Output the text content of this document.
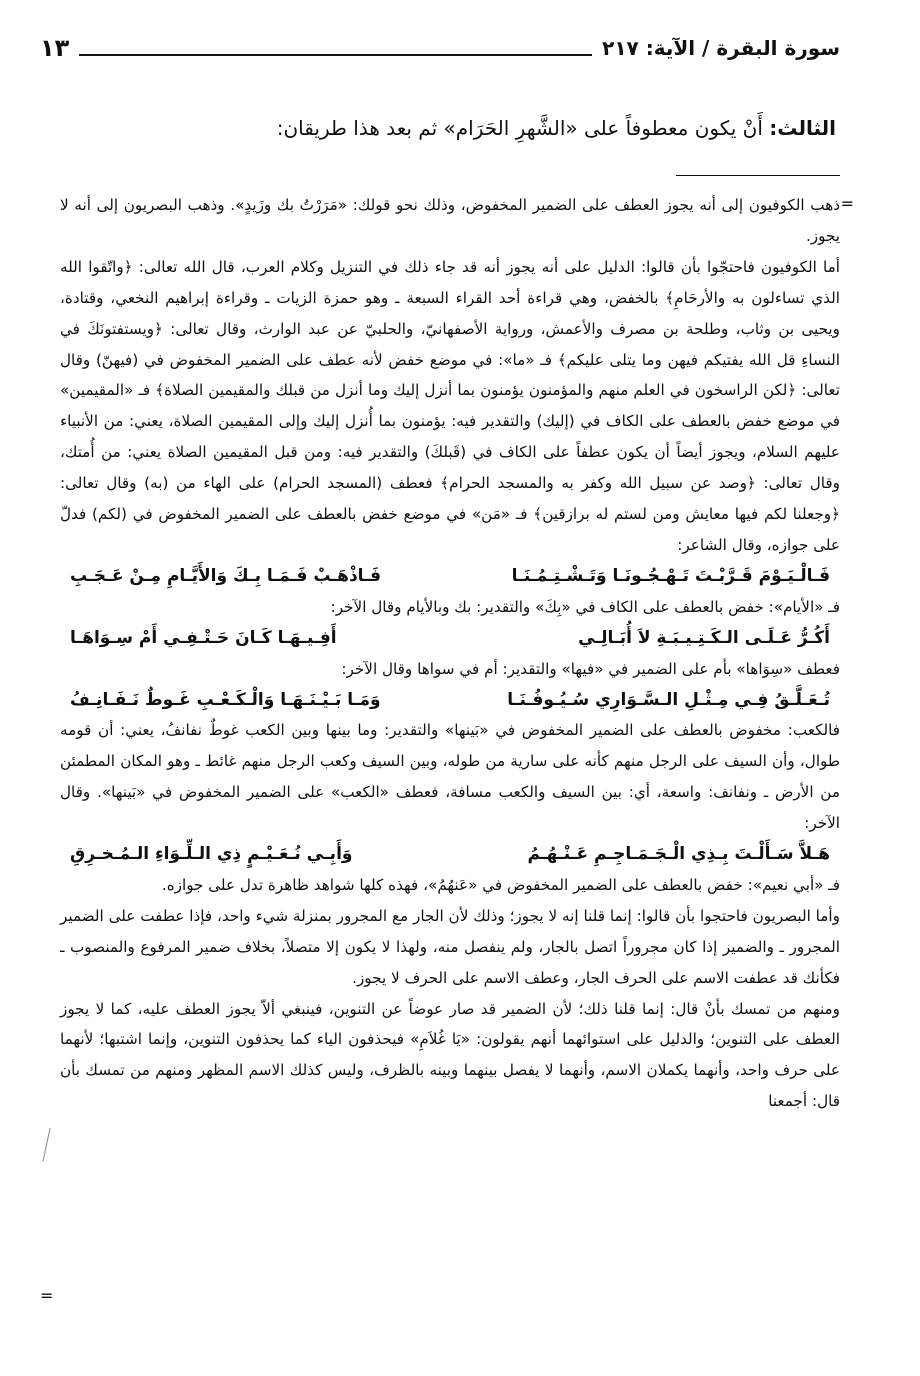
سورة البقرة / الآية: ٢١٧
١٣
الثالث: أَنْ يكون معطوفاً على «الشَّهرِ الحَرَام» ثم بعد هذا طريقان:
=
=

ذهب الكوفيون إلى أنه يجوز العطف على الضمير المخفوض، وذلك نحو قولك: «مَرَرْتُ بك وزَيدٍ». وذهب البصريون إلى أنه لا يجوز.

أما الكوفيون فاحتجّوا بأن قالوا: الدليل على أنه يجوز أنه قد جاء ذلك في التنزيل وكلام العرب، قال الله تعالى: ﴿واتّقوا الله الذي تساءلون به والأرحَامِ﴾ بالخفض، وهي قراءة أحد القراء السبعة ـ وهو حمزة الزيات ـ وقراءة إبراهيم النخعي، وقتادة، ويحيى بن وثاب، وطلحة بن مصرف والأعمش، ورواية الأصفهانيّ، والحلبيّ عن عبد الوارث، وقال تعالى: ﴿ويستفتونَكَ في النساءِ قل الله يفتيكم فيهن وما يتلى عليكم﴾ فـ «ما»: في موضع خفض لأنه عطف على الضمير المخفوض في (فيهنّ) وقال تعالى: ﴿لكن الراسخون في العلم منهم والمؤمنون يؤمنون بما أنزل إليك وما أنزل من قبلك والمقيمين الصلاة﴾ فـ «المقيمين» في موضع خفض بالعطف على الكاف في (إليك) والتقدير فيه: يؤمنون بما أُنزل إليك وإلى المقيمين الصلاة، يعني: من الأنبياء عليهم السلام، ويجوز أيضاً أن يكون عطفاً على الكاف في (قَبلكَ) والتقدير فيه: ومن قبل المقيمين الصلاة يعني: من أُمتك، وقال تعالى: ﴿وصد عن سبيل الله وكفر به والمسجد الحرام﴾ فعطف (المسجد الحرام) على الهاء من (به) وقال تعالى: ﴿وجعلنا لكم فيها معايش ومن لستم له برازقين﴾ فـ «مَن» في موضع خفض بالعطف على الضمير المخفوض في (لكم) فدلّ على جوازه، وقال الشاعر:

فَـالْـيَـوْمَ قَـرَّبْـتَ تَـهْـجُـونَـا وَتَـشْـتِـمُـنَـا
فَـاذْهَـبْ فَـمَـا بِـكَ وَالأَيَّـامِ مِـنْ عَـجَـبِ

فـ «الأيام»: خفض بالعطف على الكاف في «بِكَ» والتقدير: بك وبالأيام وقال الآخر:

أَكُـرُّ عَـلَـى الـكَـتِـيـبَـةِ لاَ أُبَـالِـي
أَفِـيـهَـا كَـانَ حَـتْـفِـي أَمْ سِـوَاهَـا

فعطف «سِوَاها» بأم على الضمير في «فيها» والتقدير: أم في سواها وقال الآخر:

تُـعَـلَّـقُ فِـي مِـثْـلِ الـسَّـوَارِي سُـيُـوفُـنَـا
وَمَـا بَـيْـنَـهَـا وَالْـكَـعْـبِ غَـوطٌ نَـفَـانِـفُ

فالكعب: مخفوض بالعطف على الضمير المخفوض في «بَينها» والتقدير: وما بينها وبين الكعب غوطٌ نفانفُ، يعني: أن قومه طوال، وأن السيف على الرجل منهم كأنه على سارية من طوله، وبين السيف وكعب الرجل منهم غائط ـ وهو المكان المطمئن من الأرض ـ ونفانف: واسعة، أي: بين السيف والكعب مسافة، فعطف «الكعب» على الضمير المخفوض في «بَينها». وقال الآخر:

هَـلاَّ سَـأَلْـتَ بِـذِي الْـجَـمَـاجِـمِ عَـنْـهُـمُ
وَأَبِـي نُـعَـيْـمٍ ذِي الـلِّـوَاءِ الـمُـخـرِقِ

فـ «أبي نعيم»: خفض بالعطف على الضمير المخفوض في «عَنهُمُ»، فهذه كلها شواهد ظاهرة تدل على جوازه.

وأما البصريون فاحتجوا بأن قالوا: إنما قلنا إنه لا يجوز؛ وذلك لأن الجار مع المجرور بمنزلة شيء واحد، فإذا عطفت على الضمير المجرور ـ والضمير إذا كان مجروراً اتصل بالجار، ولم ينفصل منه، ولهذا لا يكون إلا متصلاً، بخلاف ضمير المرفوع والمنصوب ـ فكأنك قد عطفت الاسم على الحرف الجار، وعطف الاسم على الحرف لا يجوز.

ومنهم من تمسك بأنْ قال: إنما قلنا ذلك؛ لأن الضمير قد صار عوضاً عن التنوين، فينبغي ألاّ يجوز العطف عليه، كما لا يجوز العطف على التنوين؛ والدليل على استوائهما أنهم يقولون: «يَا غُلاَمِ» فيحذفون الياء كما يحذفون التنوين، وإنما اشتبها؛ لأنهما على حرف واحد، وأنهما يكملان الاسم، وأنهما لا يفصل بينهما وبينه بالظرف، وليس كذلك الاسم المظهر ومنهم من تمسك بأن قال: أجمعنا
